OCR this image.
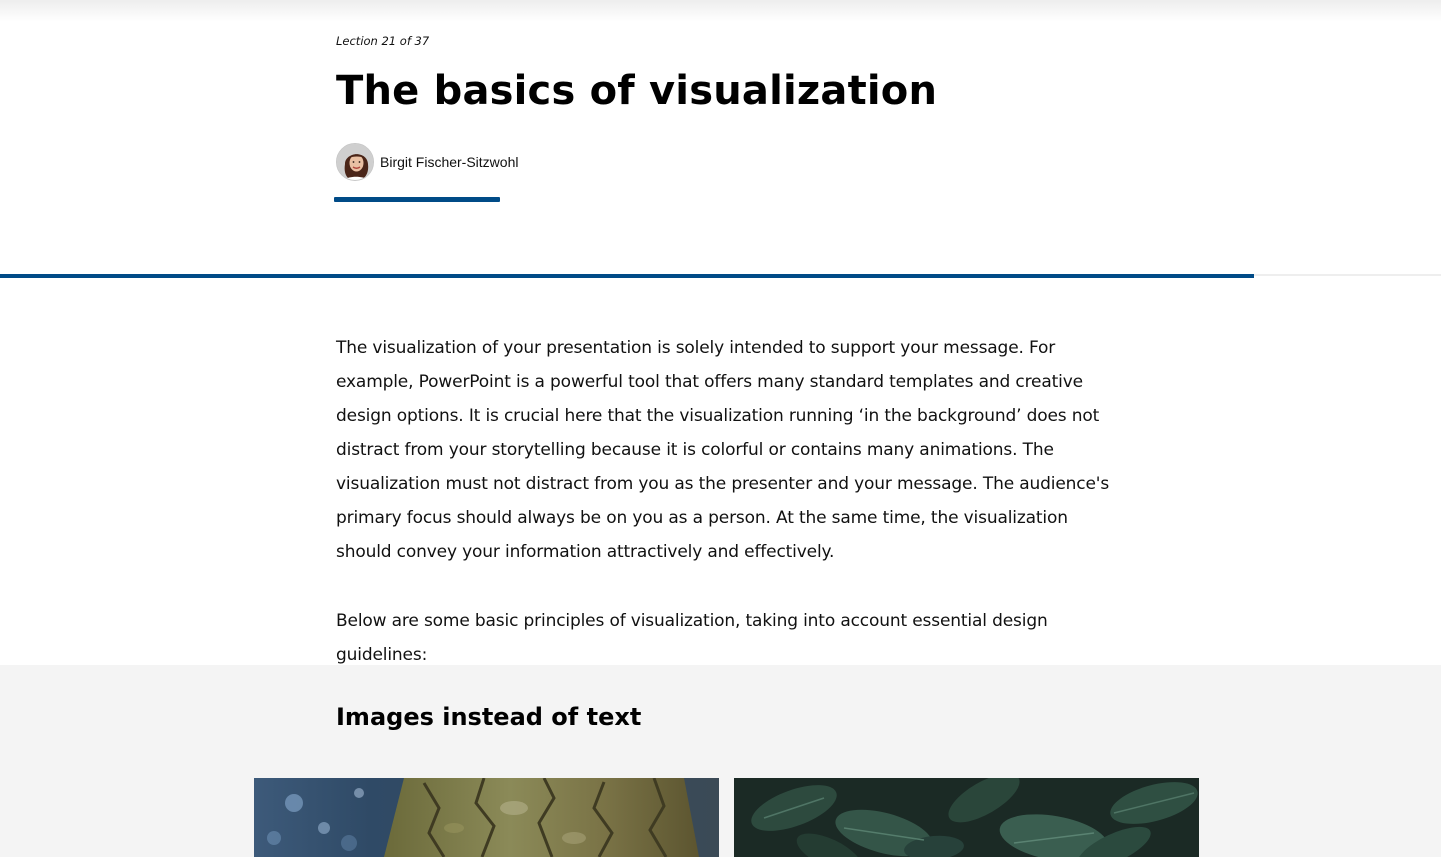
Lection 21 of 37
The basics of visualization
Birgit Fischer-Sitzwohl

The visualization of your presentation is solely intended to support your message. For example, PowerPoint is a powerful tool that offers many standard templates and creative design options. It is crucial here that the visualization running ‘in the background’ does not distract from your storytelling because it is colorful or contains many animations. The visualization must not distract from you as the presenter and your message. The audience's primary focus should always be on you as a person. At the same time, the visualization should convey your information attractively and effectively.

Below are some basic principles of visualization, taking into account essential design guidelines:

Images instead of text
